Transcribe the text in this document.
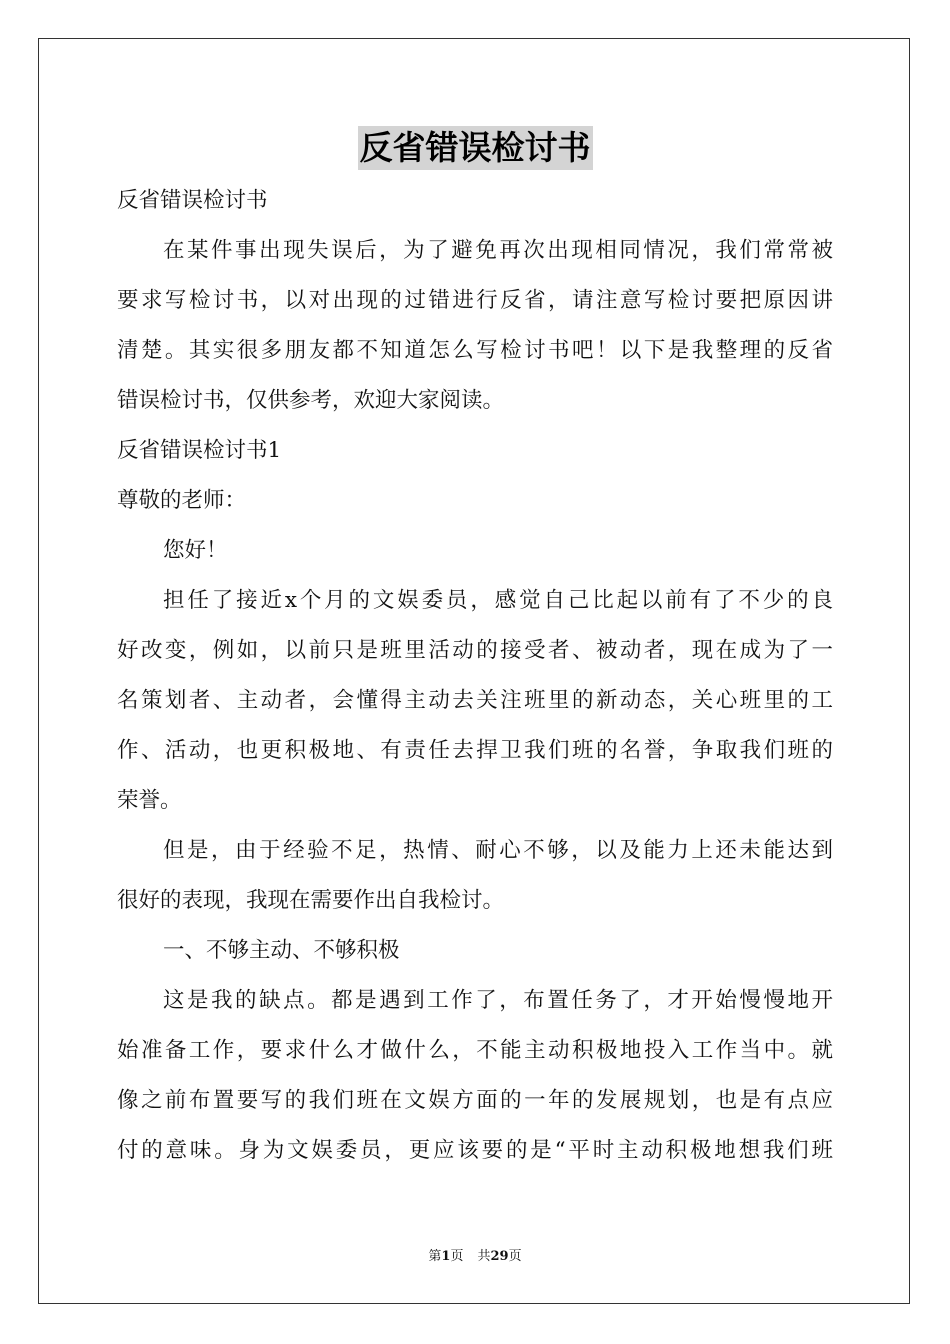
反省错误检讨书
反省错误检讨书
在某件事出现失误后，为了避免再次出现相同情况，我们常常被
要求写检讨书，以对出现的过错进行反省，请注意写检讨要把原因讲
清楚。其实很多朋友都不知道怎么写检讨书吧！以下是我整理的反省
错误检讨书，仅供参考，欢迎大家阅读。
反省错误检讨书1
尊敬的老师：
您好！
担任了接近x个月的文娱委员，感觉自己比起以前有了不少的良
好改变，例如，以前只是班里活动的接受者、被动者，现在成为了一
名策划者、主动者，会懂得主动去关注班里的新动态，关心班里的工
作、活动，也更积极地、有责任去捍卫我们班的名誉，争取我们班的
荣誉。
但是，由于经验不足，热情、耐心不够，以及能力上还未能达到
很好的表现，我现在需要作出自我检讨。
一、不够主动、不够积极
这是我的缺点。都是遇到工作了，布置任务了，才开始慢慢地开
始准备工作，要求什么才做什么，不能主动积极地投入工作当中。就
像之前布置要写的我们班在文娱方面的一年的发展规划，也是有点应
付的意味。身为文娱委员，更应该要的是“平时主动积极地想我们班
第1页 共29页
